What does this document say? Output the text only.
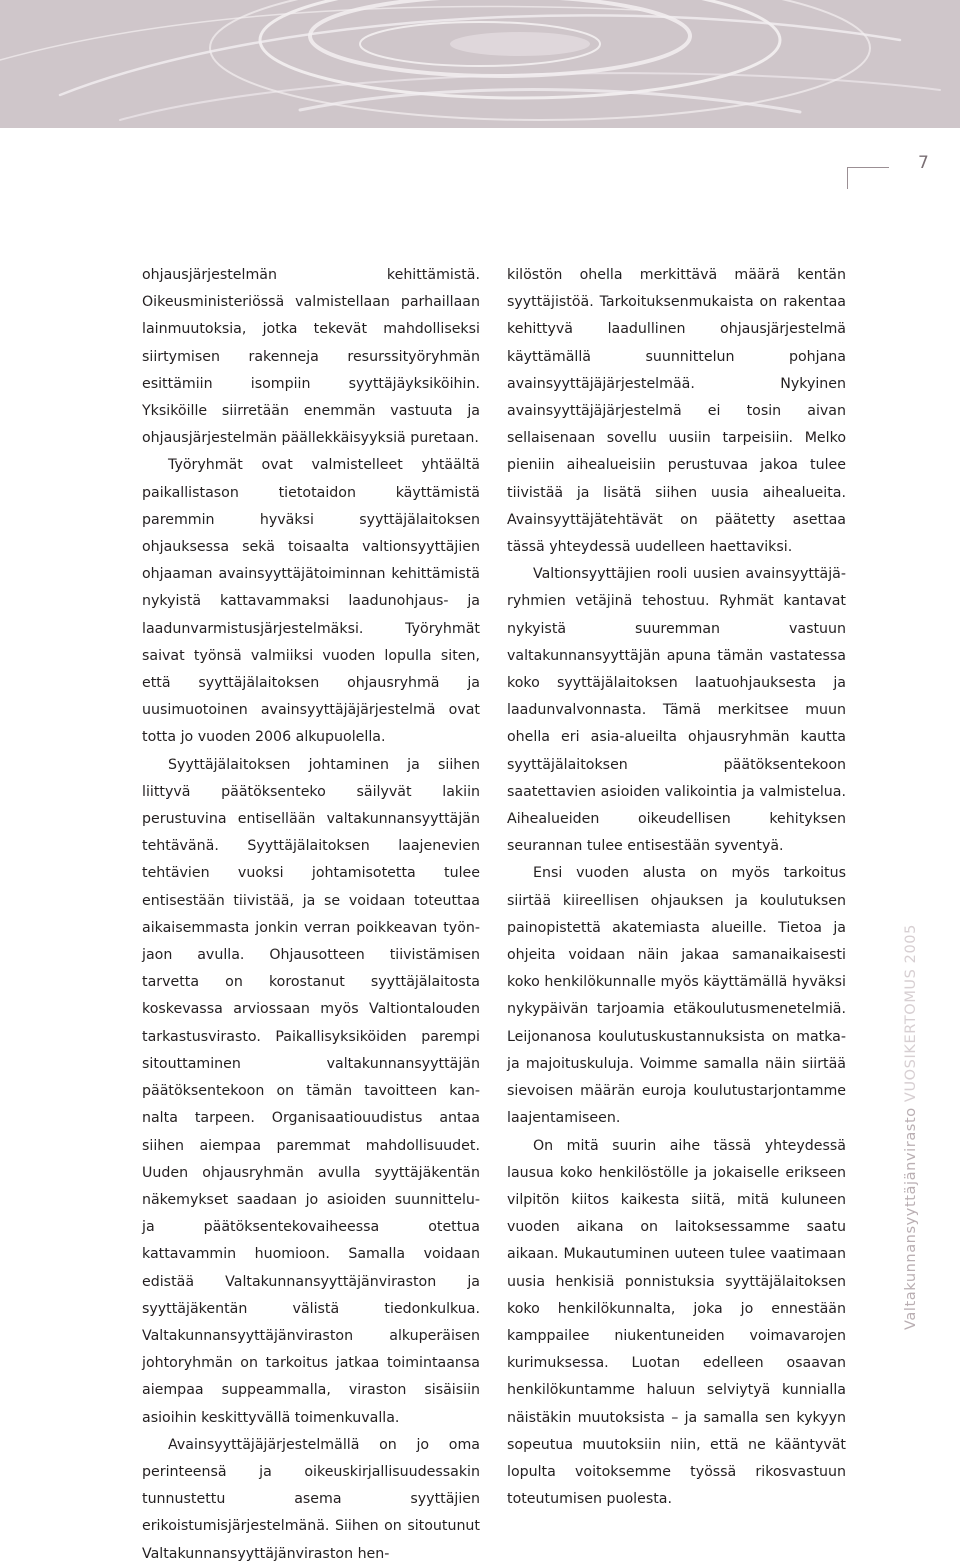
7

ohjausjärjestelmän kehittämistä. Oikeusministeriössä valmistellaan parhaillaan lainmuutoksia, jotka tekevät mahdolliseksi siirtymisen rakenneja resurssityöryhmän esittämiin isompiin syyttäjäyksiköihin. Yksiköille siirretään enemmän vastuuta ja ohjausjärjestelmän päällekkäisyyksiä puretaan.

Työryhmät ovat valmistelleet yhtäältä paikallistason tietotaidon käyttämistä paremmin hyväksi syyttäjälaitoksen ohjauksessa sekä toisaalta valtionsyyttäjien ohjaaman avainsyyttäjätoiminnan kehittämistä nykyistä kattavammaksi laadunohjaus- ja laadunvarmistusjärjestelmäksi. Työryhmät saivat työnsä valmiiksi vuoden lopulla siten, että syyttäjälaitoksen ohjausryhmä ja uusimuotoinen avainsyyttäjäjärjestelmä ovat totta jo vuoden 2006 alkupuolella.

Syyttäjälaitoksen johtaminen ja siihen liittyvä päätöksenteko säilyvät lakiin perustuvina entisellään valtakunnansyyttäjän tehtävänä. Syyttäjälaitoksen laajenevien tehtävien vuoksi johtamisotetta tulee entisestään tiivistää, ja se voidaan toteuttaa aikaisemmasta jonkin verran poikkeavan työnjaon avulla. Ohjausotteen tiivistämisen tarvetta on korostanut syyttäjälaitosta koskevassa arviossaan myös Valtiontalouden tarkastusvirasto. Paikallisyksiköiden parempi sitouttaminen valtakunnansyyttäjän päätöksentekoon on tämän tavoitteen kannalta tarpeen. Organisaatiouudistus antaa siihen aiempaa paremmat mahdollisuudet. Uuden ohjausryhmän avulla syyttäjäkentän näkemykset saadaan jo asioiden suunnittelu- ja päätöksentekovaiheessa otettua kattavammin huomioon. Samalla voidaan edistää Valtakunnansyyttäjänviraston ja syyttäjäkentän välistä tiedonkulkua. Valtakunnansyyttäjänviraston alkuperäisen johtoryhmän on tarkoitus jatkaa toimintaansa aiempaa suppeammalla, viraston sisäisiin asioihin keskittyvällä toimenkuvalla.

Avainsyyttäjäjärjestelmällä on jo oma perinteensä ja oikeuskirjallisuudessakin tunnustettu asema syyttäjien erikoistumisjärjestelmänä. Siihen on sitoutunut Valtakunnansyyttäjänviraston hen-

kilöstön ohella merkittävä määrä kentän syyttäjistöä. Tarkoituksenmukaista on rakentaa kehittyvä laadullinen ohjausjärjestelmä käyttämällä suunnittelun pohjana avainsyyttäjäjärjestelmää. Nykyinen avainsyyttäjäjärjestelmä ei tosin aivan sellaisenaan sovellu uusiin tarpeisiin. Melko pieniin aihealueisiin perustuvaa jakoa tulee tiivistää ja lisätä siihen uusia aihealueita. Avainsyyttäjätehtävät on päätetty asettaa tässä yhteydessä uudelleen haettaviksi.

Valtionsyyttäjien rooli uusien avainsyyttäjäryhmien vetäjinä tehostuu. Ryhmät kantavat nykyistä suuremman vastuun valtakunnansyyttäjän apuna tämän vastatessa koko syyttäjälaitoksen laatuohjauksesta ja laadunvalvonnasta. Tämä merkitsee muun ohella eri asia-alueilta ohjausryhmän kautta syyttäjälaitoksen päätöksentekoon saatettavien asioiden valikointia ja valmistelua. Aihealueiden oikeudellisen kehityksen seurannan tulee entisestään syventyä.

Ensi vuoden alusta on myös tarkoitus siirtää kiireellisen ohjauksen ja koulutuksen painopistettä akatemiasta alueille. Tietoa ja ohjeita voidaan näin jakaa samanaikaisesti koko henkilökunnalle myös käyttämällä hyväksi nykypäivän tarjoamia etäkoulutusmenetelmiä. Leijonanosa koulutuskustannuksista on matka- ja majoituskuluja. Voimme samalla näin siirtää sievoisen määrän euroja koulutustarjontamme laajentamiseen.

On mitä suurin aihe tässä yhteydessä lausua koko henkilöstölle ja jokaiselle erikseen vilpitön kiitos kaikesta siitä, mitä kuluneen vuoden aikana on laitoksessamme saatu aikaan. Mukautuminen uuteen tulee vaatimaan uusia henkisiä ponnistuksia syyttäjälaitoksen koko henkilökunnalta, joka jo ennestään kamppailee niukentuneiden voimavarojen kurimuksessa. Luotan edelleen osaavan henkilökuntamme haluun selviytyä kunnialla näistäkin muutoksista – ja samalla sen kykyyn sopeutua muutoksiin niin, että ne kääntyvät lopulta voitoksemme työssä rikosvastuun toteutumisen puolesta.

Valtakunnansyyttäjänvirasto VUOSIKERTOMUS 2005
